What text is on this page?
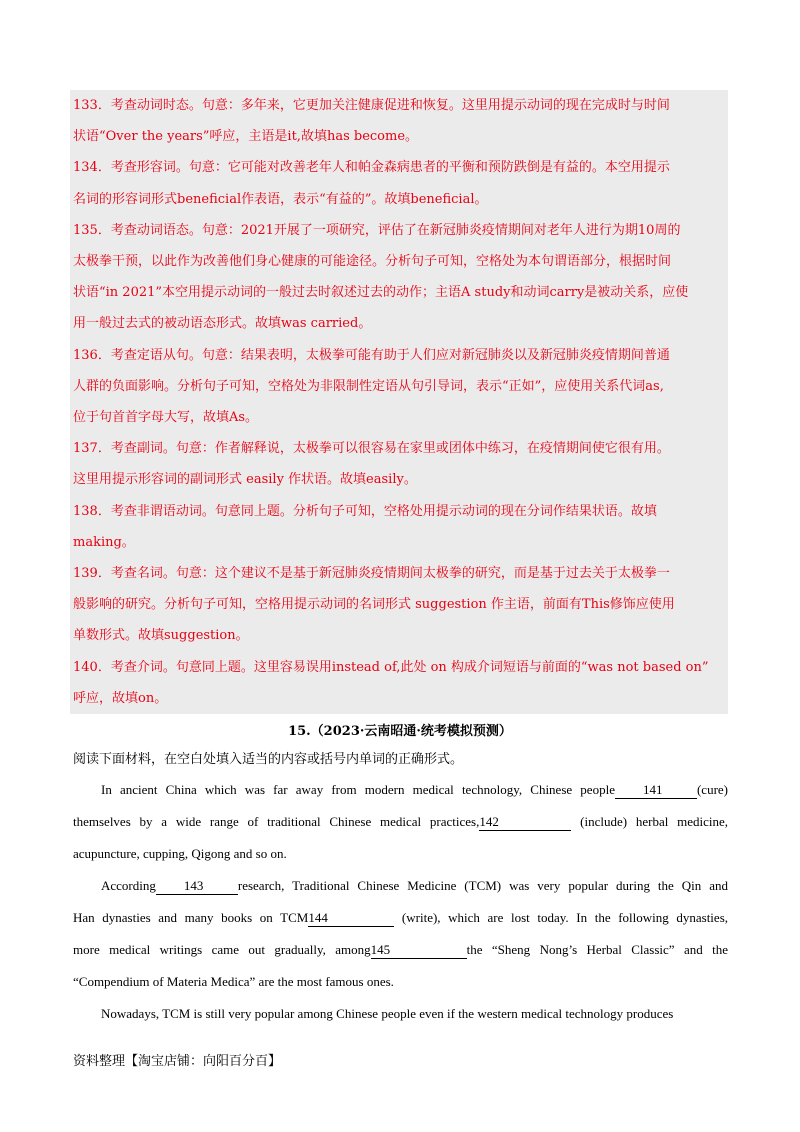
133．考查动词时态。句意：多年来，它更加关注健康促进和恢复。这里用提示动词的现在完成时与时间

状语“Over the years”呼应，主语是it,故填has become。

134．考查形容词。句意：它可能对改善老年人和帕金森病患者的平衡和预防跌倒是有益的。本空用提示

名词的形容词形式beneficial作表语，表示“有益的”。故填beneficial。

135．考查动词语态。句意：2021开展了一项研究，评估了在新冠肺炎疫情期间对老年人进行为期10周的

太极拳干预，以此作为改善他们身心健康的可能途径。分析句子可知，空格处为本句谓语部分，根据时间

状语“in 2021”本空用提示动词的一般过去时叙述过去的动作；主语A study和动词carry是被动关系，应使

用一般过去式的被动语态形式。故填was carried。

136．考查定语从句。句意：结果表明，太极拳可能有助于人们应对新冠肺炎以及新冠肺炎疫情期间普通

人群的负面影响。分析句子可知，空格处为非限制性定语从句引导词，表示“正如”，应使用关系代词as,

位于句首首字母大写，故填As。

137．考查副词。句意：作者解释说，太极拳可以很容易在家里或团体中练习，在疫情期间使它很有用。

这里用提示形容词的副词形式 easily 作状语。故填easily。

138．考查非谓语动词。句意同上题。分析句子可知，空格处用提示动词的现在分词作结果状语。故填

making。

139．考查名词。句意：这个建议不是基于新冠肺炎疫情期间太极拳的研究，而是基于过去关于太极拳一

般影响的研究。分析句子可知，空格用提示动词的名词形式 suggestion 作主语，前面有This修饰应使用

单数形式。故填suggestion。

140．考查介词。句意同上题。这里容易误用instead of,此处 on 构成介词短语与前面的“was not based on”

呼应，故填on。

15.（2023·云南昭通·统考模拟预测）
阅读下面材料，在空白处填入适当的内容或括号内单词的正确形式。

In ancient China which was far away from modern medical technology, Chinese people 141	(cure)

themselves by a wide range of traditional Chinese medical practices,142	(include) herbal medicine,

acupuncture, cupping, Qigong and so on.

According 143	research, Traditional Chinese Medicine (TCM) was very popular during the Qin and

Han dynasties and many books on TCM144	(write), which are lost today. In the following dynasties,

more medical writings came out gradually, among145	the “Sheng Nong’s Herbal Classic” and the

“Compendium of Materia Medica” are the most famous ones.

Nowadays, TCM is still very popular among Chinese people even if the western medical technology produces

资料整理【淘宝店铺：向阳百分百】
